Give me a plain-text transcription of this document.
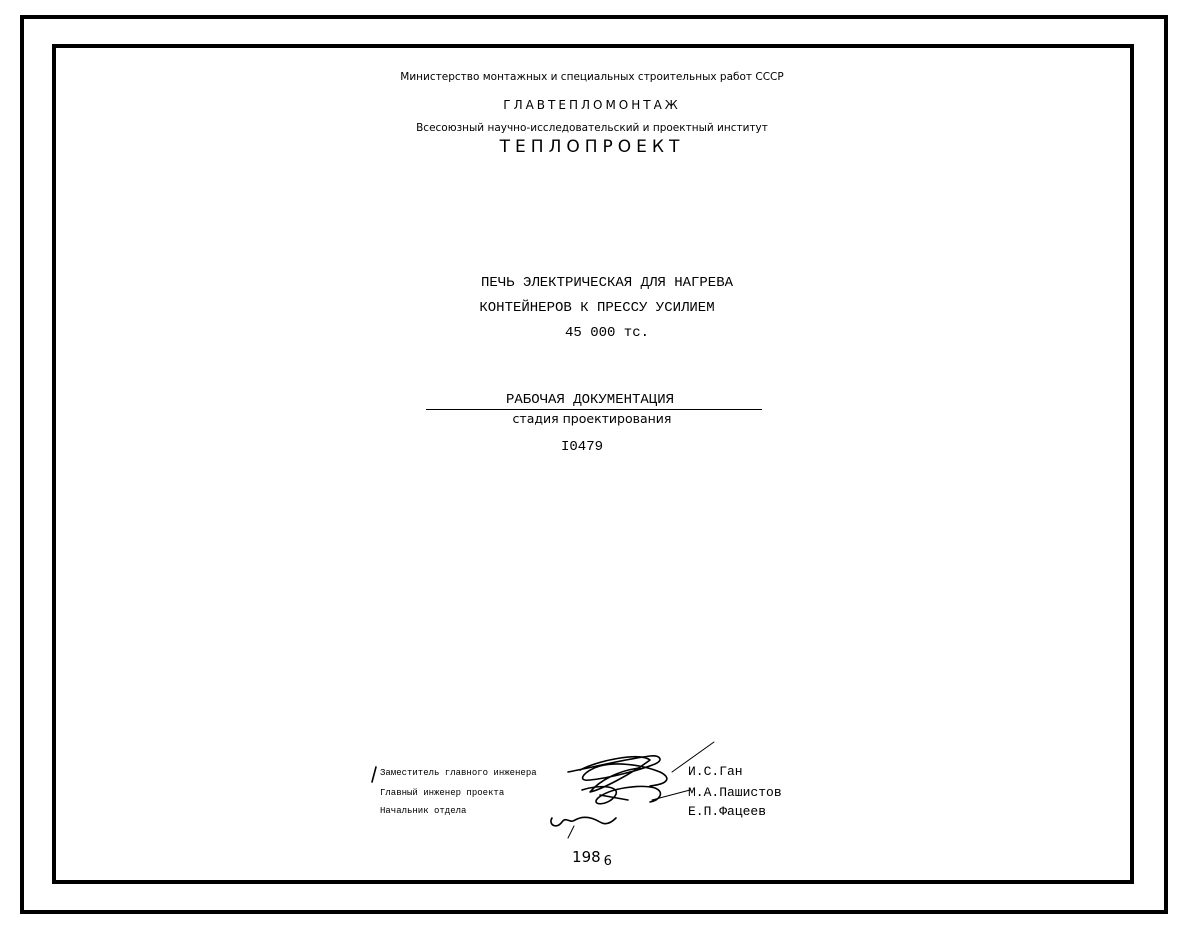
Министерство монтажных и специальных строительных работ СССР
ГЛАВТЕПЛОМОНТАЖ
Всесоюзный научно-исследовательский и проектный институт
ТЕПЛОПРОЕКТ
ПЕЧЬ ЭЛЕКТРИЧЕСКАЯ ДЛЯ НАГРЕВА
КОНТЕЙНЕРОВ К ПРЕССУ УСИЛИЕМ
45 000 тс.
РАБОЧАЯ ДОКУМЕНТАЦИЯ
стадия проектирования
I0479
Заместитель главного инженера
Главный инженер проекта
Начальник отдела
И.С.Ган
М.А.Пашистов
Е.П.Фацеев
198 6
